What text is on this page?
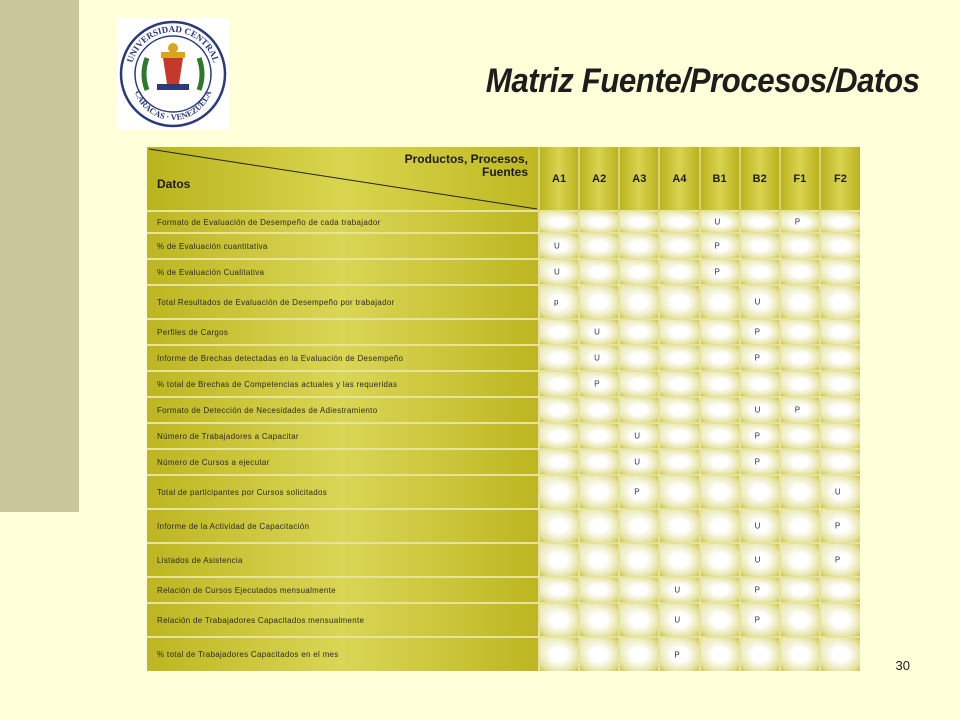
UNIVERSIDAD CENTRAL
CARACAS · VENEZUELA	Matriz Fuente/Procesos/Datos
Productos, Procesos,
Fuentes
Datos	A1	A2	A3	A4	B1	B2	F1	F2
Formato de Evaluación de Desempeño de cada trabajador					U		P	

% de Evaluación cuantitativa	U				P			

% de Evaluación Cualitativa	U				P			

Total Resultados de Evaluación de Desempeño por trabajador	p					U		

Perfiles de Cargos		U				P		

Informe de Brechas detectadas en la Evaluación de Desempeño		U				P		

% total de Brechas de Competencias actuales y las requeridas		P						

Formato de Detección de Necesidades de Adiestramiento						U	P	

Número de Trabajadores a Capacitar			U			P		

Número de Cursos a ejecutar			U			P		

Total de participantes por Cursos solicitados			P					U

Informe de la Actividad de Capacitación						U		P

Listados de Asistencia						U		P

Relación de Cursos Ejecutados mensualmente				U		P		

Relación de Trabajadores Capacitados mensualmente				U		P		

% total de Trabajadores Capacitados en el mes				P				

30
